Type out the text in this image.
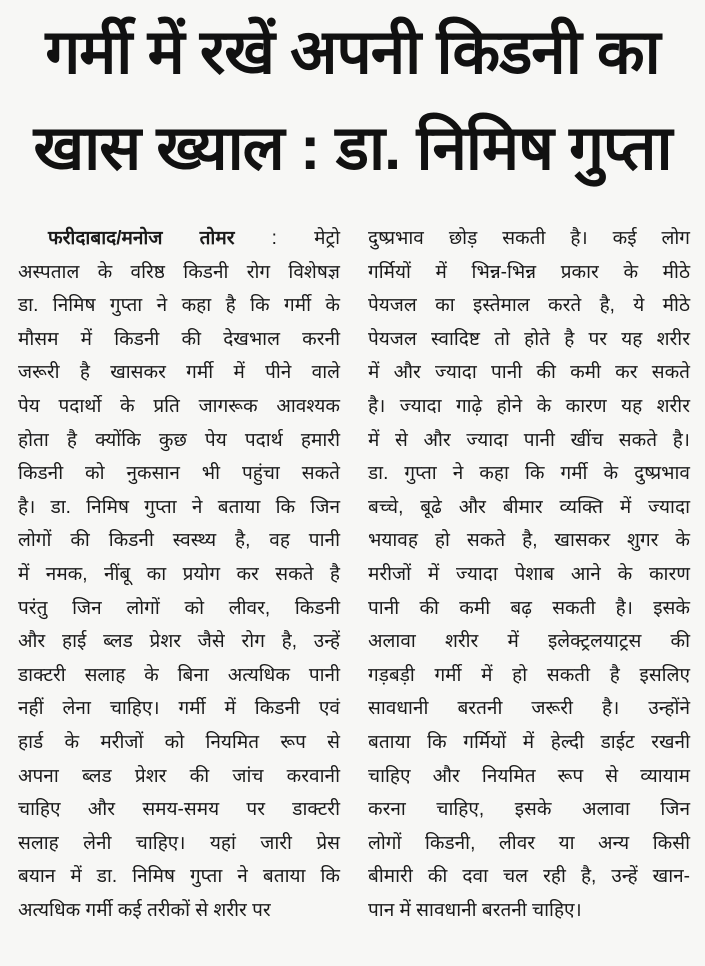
गर्मी में रखें अपनी किडनी का
खास ख्याल : डा. निमिष गुप्ता
फरीदाबाद/मनोज तोमर : मेट्रो
अस्पताल के वरिष्ठ किडनी रोग विशेषज्ञ
डा. निमिष गुप्ता ने कहा है कि गर्मी के
मौसम में किडनी की देखभाल करनी
जरूरी है खासकर गर्मी में पीने वाले
पेय पदार्थो के प्रति जागरूक आवश्यक
होता है क्योंकि कुछ पेय पदार्थ हमारी
किडनी को नुकसान भी पहुंचा सकते
है। डा. निमिष गुप्ता ने बताया कि जिन
लोगों की किडनी स्वस्थ्य है, वह पानी
में नमक, नींबू का प्रयोग कर सकते है
परंतु जिन लोगों को लीवर, किडनी
और हाई ब्लड प्रेशर जैसे रोग है, उन्हें
डाक्टरी सलाह के बिना अत्यधिक पानी
नहीं लेना चाहिए। गर्मी में किडनी एवं
हार्ड के मरीजों को नियमित रूप से
अपना ब्लड प्रेशर की जांच करवानी
चाहिए और समय-समय पर डाक्टरी
सलाह लेनी चाहिए। यहां जारी प्रेस
बयान में डा. निमिष गुप्ता ने बताया कि
अत्यधिक गर्मी कई तरीकों से शरीर पर
दुष्प्रभाव छोड़ सकती है। कई लोग
गर्मियों में भिन्न-भिन्न प्रकार के मीठे
पेयजल का इस्तेमाल करते है, ये मीठे
पेयजल स्वादिष्ट तो होते है पर यह शरीर
में और ज्यादा पानी की कमी कर सकते
है। ज्यादा गाढ़े होने के कारण यह शरीर
में से और ज्यादा पानी खींच सकते है।
डा. गुप्ता ने कहा कि गर्मी के दुष्प्रभाव
बच्चे, बूढे और बीमार व्यक्ति में ज्यादा
भयावह हो सकते है, खासकर शुगर के
मरीजों में ज्यादा पेशाब आने के कारण
पानी की कमी बढ़ सकती है। इसके
अलावा शरीर में इलेक्ट्रलयाट्रस की
गड़बड़ी गर्मी में हो सकती है इसलिए
सावधानी बरतनी जरूरी है। उन्होंने
बताया कि गर्मियों में हेल्दी डाईट रखनी
चाहिए और नियमित रूप से व्यायाम
करना चाहिए, इसके अलावा जिन
लोगों किडनी, लीवर या अन्य किसी
बीमारी की दवा चल रही है, उन्हें खान-
पान में सावधानी बरतनी चाहिए।
